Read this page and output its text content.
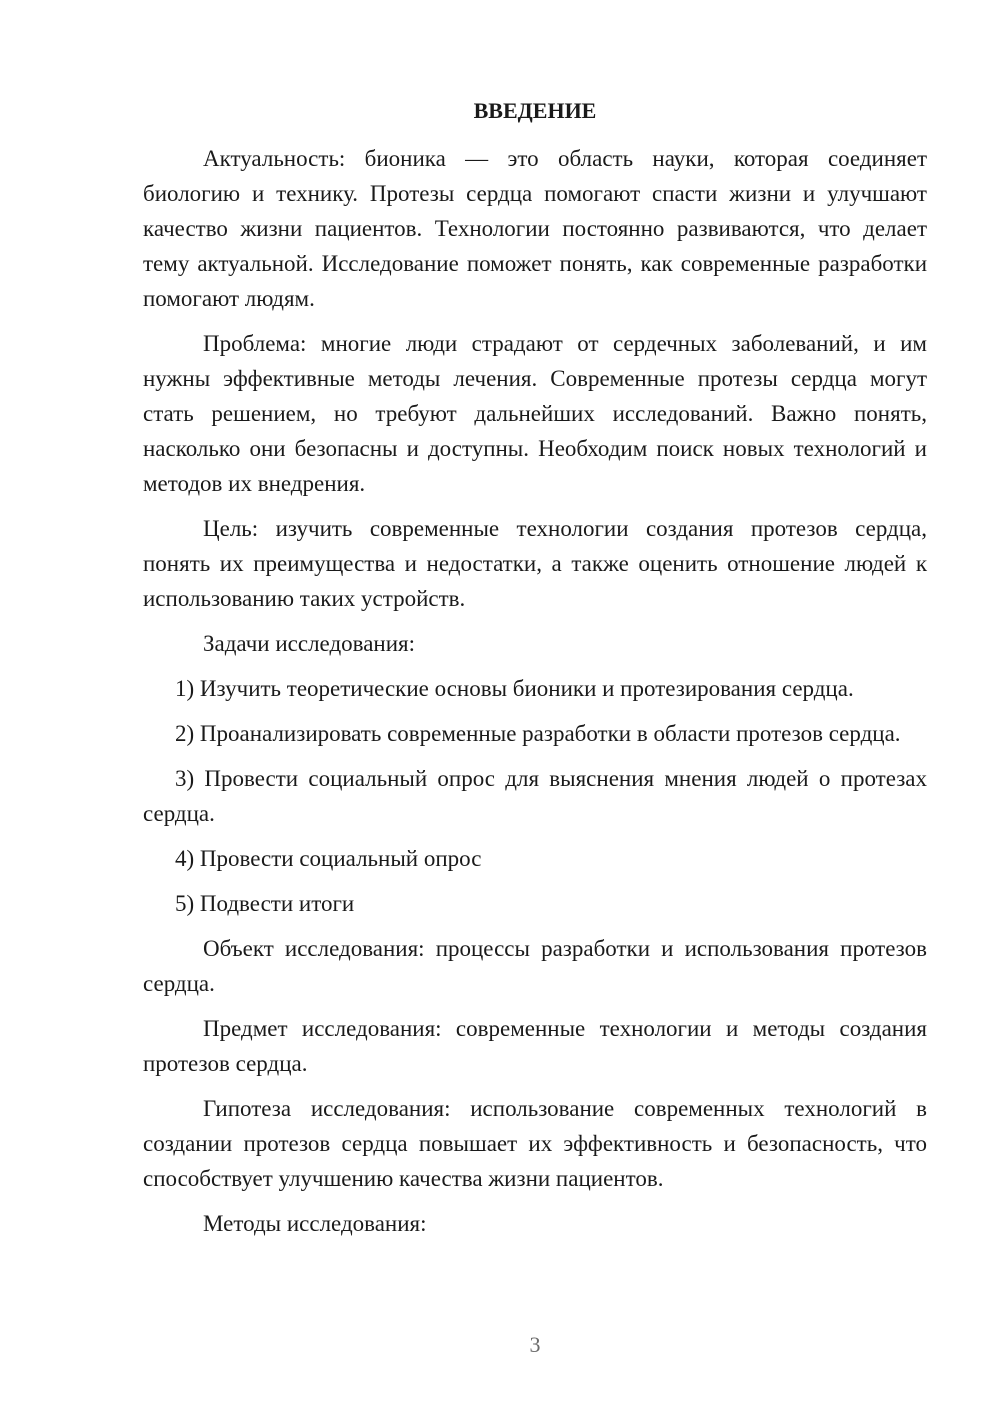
ВВЕДЕНИЕ

Актуальность: бионика — это область науки, которая соединяет биологию и технику. Протезы сердца помогают спасти жизни и улучшают качество жизни пациентов. Технологии постоянно развиваются, что делает тему актуальной. Исследование поможет понять, как современные разработки помогают людям.

Проблема: многие люди страдают от сердечных заболеваний, и им нужны эффективные методы лечения. Современные протезы сердца могут стать решением, но требуют дальнейших исследований. Важно понять, насколько они безопасны и доступны. Необходим поиск новых технологий и методов их внедрения.

Цель: изучить современные технологии создания протезов сердца, понять их преимущества и недостатки, а также оценить отношение людей к использованию таких устройств.

Задачи исследования:

1) Изучить теоретические основы бионики и протезирования сердца.

2) Проанализировать современные разработки в области протезов сердца.

3) Провести социальный опрос для выяснения мнения людей о протезах сердца.

4) Провести социальный опрос

5) Подвести итоги

Объект исследования: процессы разработки и использования протезов сердца.

Предмет исследования: современные технологии и методы создания протезов сердца.

Гипотеза исследования: использование современных технологий в создании протезов сердца повышает их эффективность и безопасность, что способствует улучшению качества жизни пациентов.

Методы исследования:

3
